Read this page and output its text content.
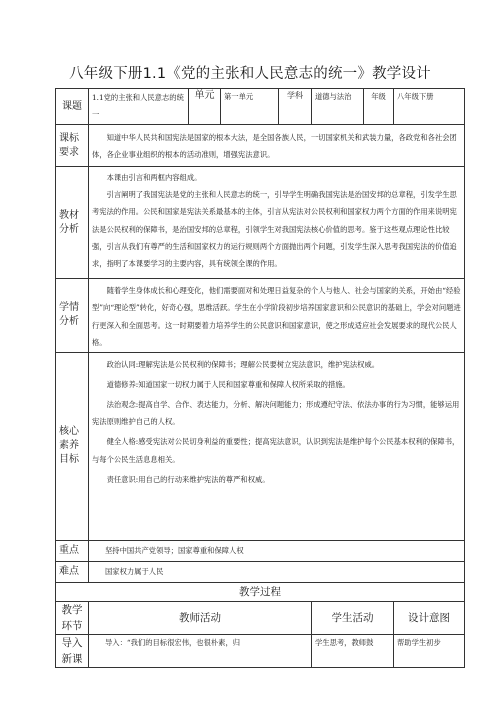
八年级下册1.1《党的主张和人民意志的统一》教学设计
课题	1.1党的主张和人民意志的统一	单元	第一单元	学科	道德与法治	年级	八年级下册
课标要求	知道中华人民共和国宪法是国家的根本大法，是全国各族人民，一切国家机关和武装力量，各政党和各社会团体，各企业事业组织的根本的活动准则，增强宪法意识。						

教材分析	本课由引言和两框内容组成。

引言阐明了我国宪法是党的主张和人民意志的统一，引导学生明确我国宪法是治国安邦的总章程，引发学生思考宪法的作用。公民和国家是宪法关系最基本的主体，引言从宪法对公民权利和国家权力两个方面的作用来说明宪法是公民权利的保障书，是治国安邦的总章程，引领学生对我国宪法核心价值的思考。鉴于这些观点理论性比较强，引言从我们有尊严的生活和国家权力的运行规则两个方面抛出两个问题，引发学生深入思考我国宪法的价值追求，指明了本课要学习的主要内容，具有统领全课的作用。						

学情分析	随着学生身体成长和心理变化，他们需要面对和处理日益复杂的个人与他人、社会与国家的关系，开始由“经验型”向“理论型”转化，好奇心强，思维活跃。学生在小学阶段初步培养国家意识和公民意识的基础上，学会对问题进行更深入和全面思考。这一时期要着力培养学生的公民意识和国家意识，使之形成适应社会发展要求的现代公民人格。						

核心素养目标	政治认同:理解宪法是公民权利的保障书；理解公民要树立宪法意识，维护宪法权威。

道德修养:知道国家一切权力属于人民和国家尊重和保障人权所采取的措施。

法治观念:提高自学、合作、表达能力，分析、解决问题能力；形成遵纪守法、依法办事的行为习惯，能够运用宪法原则维护自己的人权。

健全人格:感受宪法对公民切身利益的重要性；提高宪法意识，认识到宪法是维护每个公民基本权利的保障书，与每个公民生活息息相关。

责任意识:用自己的行动来维护宪法的尊严和权威。						

重点	坚持中国共产党领导；国家尊重和保障人权						
难点	国家权力属于人民						
教学过程							
教学环节	教师活动				学生活动		设计意图
导入新课	导入：“我们的目标很宏伟，也很朴素，归				学生思考，教师鼓		帮助学生初步
